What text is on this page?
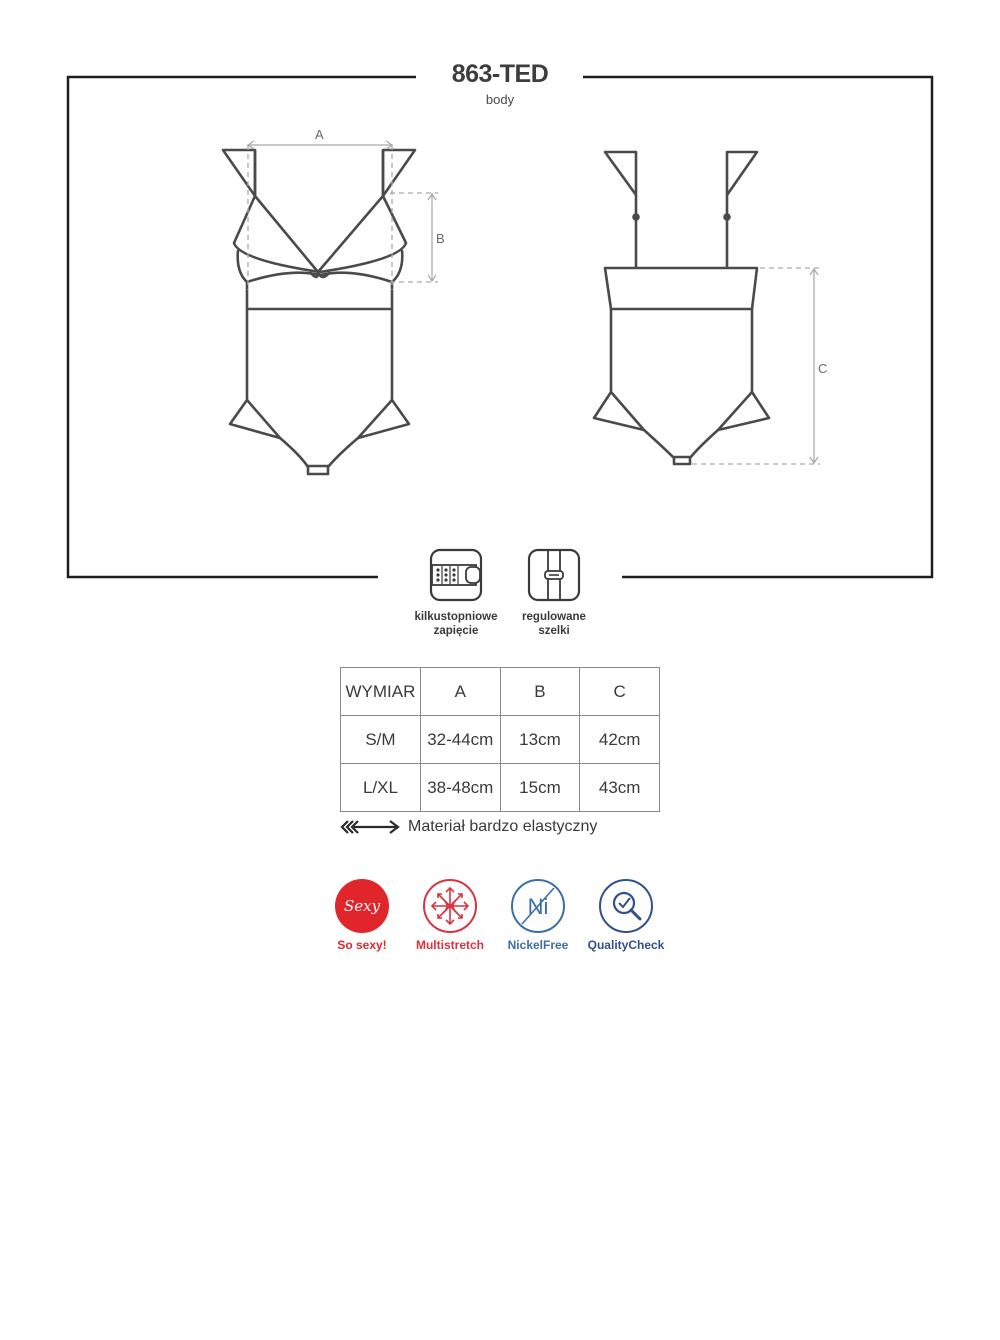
863-TED
body
A
B
C
kilkustopniowe
zapięcie
regulowane
szelki
WYMIAR	A	B	C
S/M	32-44cm	13cm	42cm
L/XL	38-48cm	15cm	43cm
Materiał bardzo elastyczny
Sexy
So sexy!	Multistretch
Ni
NickelFree	QualityCheck
